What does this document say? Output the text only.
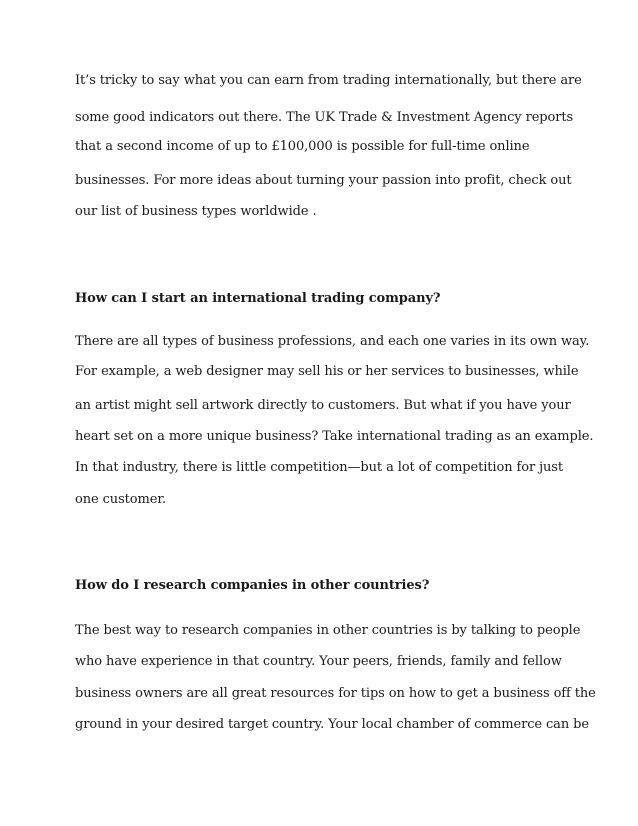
It’s tricky to say what you can earn from trading internationally, but there are
some good indicators out there. The UK Trade & Investment Agency reports
that a second income of up to £100,000 is possible for full-time online
businesses. For more ideas about turning your passion into profit, check out
our list of business types worldwide .
How can I start an international trading company?
There are all types of business professions, and each one varies in its own way.
For example, a web designer may sell his or her services to businesses, while
an artist might sell artwork directly to customers. But what if you have your
heart set on a more unique business? Take international trading as an example.
In that industry, there is little competition—but a lot of competition for just
one customer.
How do I research companies in other countries?
The best way to research companies in other countries is by talking to people
who have experience in that country. Your peers, friends, family and fellow
business owners are all great resources for tips on how to get a business off the
ground in your desired target country. Your local chamber of commerce can be
